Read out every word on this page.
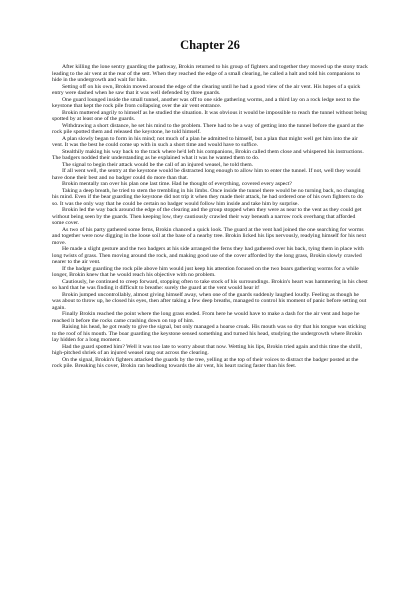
Chapter 26

After killing the lone sentry guarding the pathway, Brokin returned to his group of fighters and together they moved up the stony track leading to the air vent at the rear of the sett. When they reached the edge of a small clearing, he called a halt and told his companions to hide in the undergrowth and wait for him.

Setting off on his own, Brokin moved around the edge of the clearing until he had a good view of the air vent. His hopes of a quick entry were dashed when he saw that it was well defended by three guards.

One guard lounged inside the small tunnel, another was off to one side gathering worms, and a third lay on a rock ledge next to the keystone that kept the rock pile from collapsing over the air vent entrance.

Brokin muttered angrily to himself as he studied the situation. It was obvious it would be impossible to reach the tunnel without being spotted by at least one of the guards.

Withdrawing a short distance, he set his mind to the problem. There had to be a way of getting into the tunnel before the guard at the rock pile spotted them and released the keystone, he told himself.

A plan slowly began to form in his mind; not much of a plan he admitted to himself, but a plan that might well get him into the air vent. It was the best he could come up with in such a short time and would have to suffice.

Stealthily making his way back to the track where he'd left his companions, Brokin called them close and whispered his instructions. The badgers nodded their understanding as he explained what it was he wanted them to do.

The signal to begin their attack would be the call of an injured weasel, he told them.

If all went well, the sentry at the keystone would be distracted long enough to allow him to enter the tunnel. If not, well they would have done their best and no badger could do more than that.

Brokin mentally ran over his plan one last time. Had he thought of everything, covered every aspect?

Taking a deep breath, he tried to stem the trembling in his limbs. Once inside the tunnel there would be no turning back, no changing his mind. Even if the bear guarding the keystone did not trip it when they made their attack, he had ordered one of his own fighters to do so. It was the only way that he could be certain no badger would follow him inside and take him by surprise.

Brokin led the way back around the edge of the clearing and the group stopped when they were as near to the vent as they could get without being seen by the guards. Then keeping low, they cautiously crawled their way beneath a narrow rock overhang that afforded some cover.

As two of his party gathered some ferns, Brokin chanced a quick look. The guard at the vent had joined the one searching for worms and together were now digging in the loose soil at the base of a nearby tree. Brokin licked his lips nervously, readying himself for his next move.

He made a slight gesture and the two badgers at his side arranged the ferns they had gathered over his back, tying them in place with long twists of grass. Then moving around the rock, and making good use of the cover afforded by the long grass, Brokin slowly crawled nearer to the air vent.

If the badger guarding the rock pile above him would just keep his attention focused on the two boars gathering worms for a while longer, Brokin knew that he would reach his objective with no problem.

Cautiously, he continued to creep forward, stopping often to take stock of his surroundings. Brokin's heart was hammering in his chest so hard that he was finding it difficult to breathe: surely the guard at the vent would hear it!

Brokin jumped uncontrollably, almost giving himself away, when one of the guards suddenly laughed loudly. Feeling as though he was about to throw up, he closed his eyes, then after taking a few deep breaths, managed to control his moment of panic before setting out again.

Finally Brokin reached the point where the long grass ended. From here he would have to make a dash for the air vent and hope he reached it before the rocks came crashing down on top of him.

Raising his head, he got ready to give the signal, but only managed a hoarse croak. His mouth was so dry that his tongue was sticking to the roof of his mouth. The boar guarding the keystone sensed something and turned his head, studying the undergrowth where Brokin lay hidden for a long moment.

Had the guard spotted him? Well it was too late to worry about that now. Wetting his lips, Brokin tried again and this time the shrill, high-pitched shriek of an injured weasel rang out across the clearing.

On the signal, Brokin's fighters attacked the guards by the tree, yelling at the top of their voices to distract the badger posted at the rock pile. Breaking his cover, Brokin ran headlong towards the air vent, his heart racing faster than his feet.
